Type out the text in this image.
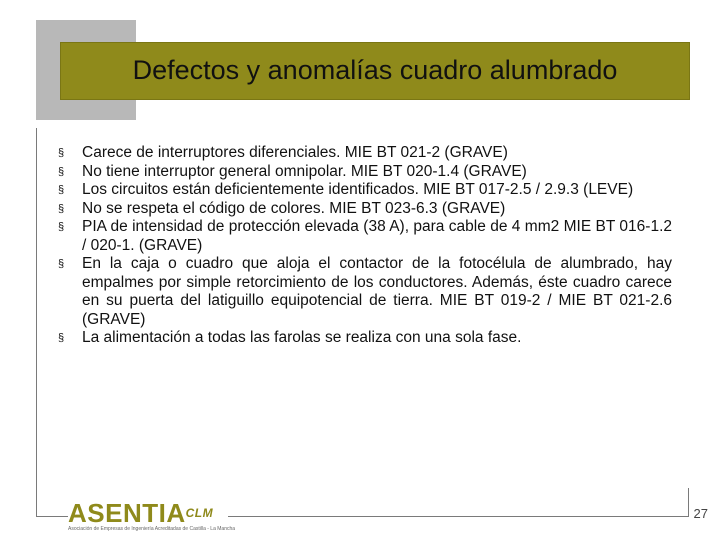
Defectos y anomalías cuadro alumbrado
§	Carece de interruptores diferenciales. MIE BT 021-2 (GRAVE)
§	No tiene interruptor general omnipolar. MIE BT 020-1.4 (GRAVE)
§	Los circuitos están deficientemente identificados. MIE BT 017-2.5 / 2.9.3 (LEVE)
§	No se respeta el código de colores. MIE BT 023-6.3 (GRAVE)
§	PIA de intensidad de protección elevada (38 A), para cable de 4 mm2 MIE BT 016-1.2 / 020-1. (GRAVE)
§	En la caja o cuadro que aloja el contactor de la fotocélula de alumbrado, hay empalmes por simple retorcimiento de los conductores. Además, éste cuadro carece en su puerta del latiguillo equipotencial de tierra. MIE BT 019-2 / MIE BT 021-2.6 (GRAVE)
§	La alimentación a todas las farolas se realiza con una sola fase.
$ASENTIA^{CLM}$
Asociación de Empresas de Ingeniería Acreditadas de Castilla - La Mancha
27
